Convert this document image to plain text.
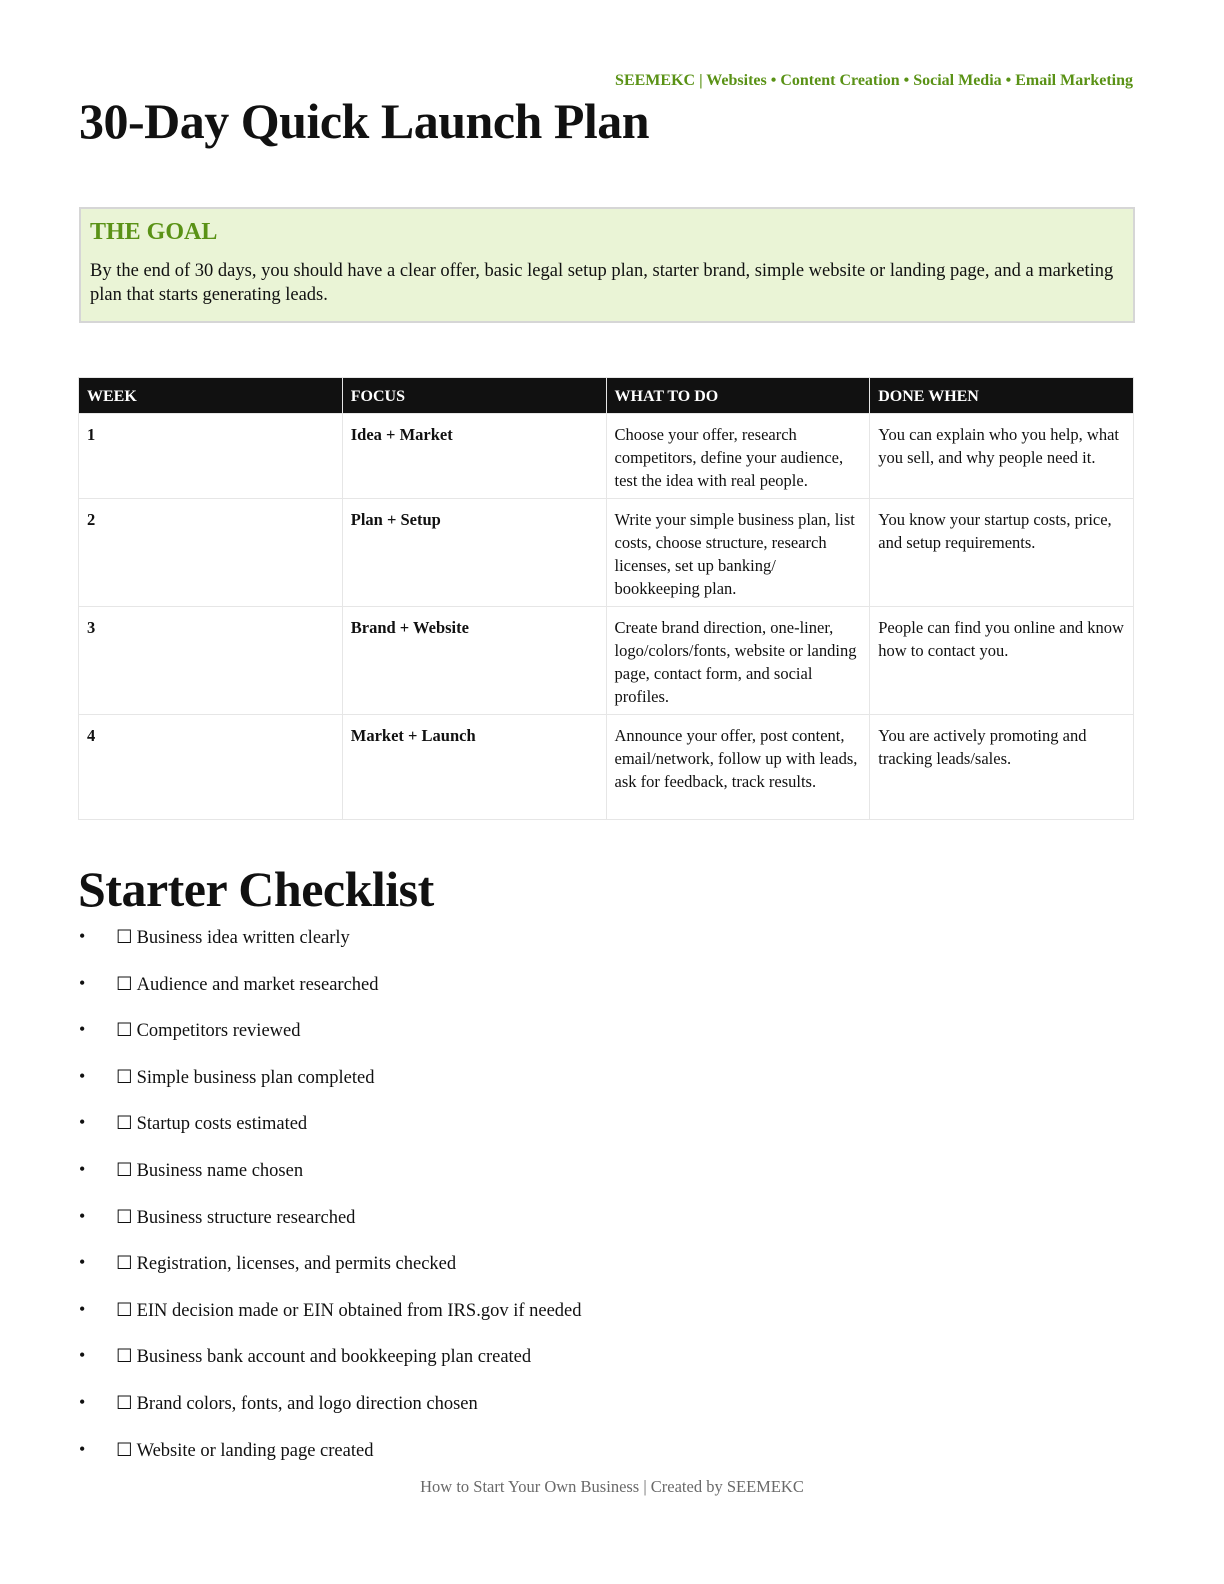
SEEMEKC | Websites • Content Creation • Social Media • Email Marketing
30-Day Quick Launch Plan
THE GOAL

By the end of 30 days, you should have a clear offer, basic legal setup plan, starter brand, simple website or landing page, and a marketing plan that starts generating leads.

WEEK	FOCUS	WHAT TO DO	DONE WHEN
1	Idea + Market	Choose your offer, research competitors, define your audience, test the idea with real people.	You can explain who you help, what you sell, and why people need it.
2	Plan + Setup	Write your simple business plan, list costs, choose structure, research licenses, set up banking/ bookkeeping plan.	You know your startup costs, price, and setup requirements.
3	Brand + Website	Create brand direction, one-liner, logo/colors/fonts, website or landing page, contact form, and social profiles.	People can find you online and know how to contact you.
4	Market + Launch	Announce your offer, post content, email/network, follow up with leads, ask for feedback, track results.	You are actively promoting and tracking leads/sales.
Starter Checklist
• ☐ Business idea written clearly
• ☐ Audience and market researched
• ☐ Competitors reviewed
• ☐ Simple business plan completed
• ☐ Startup costs estimated
• ☐ Business name chosen
• ☐ Business structure researched
• ☐ Registration, licenses, and permits checked
• ☐ EIN decision made or EIN obtained from IRS.gov if needed
• ☐ Business bank account and bookkeeping plan created
• ☐ Brand colors, fonts, and logo direction chosen
• ☐ Website or landing page created
How to Start Your Own Business | Created by SEEMEKC
